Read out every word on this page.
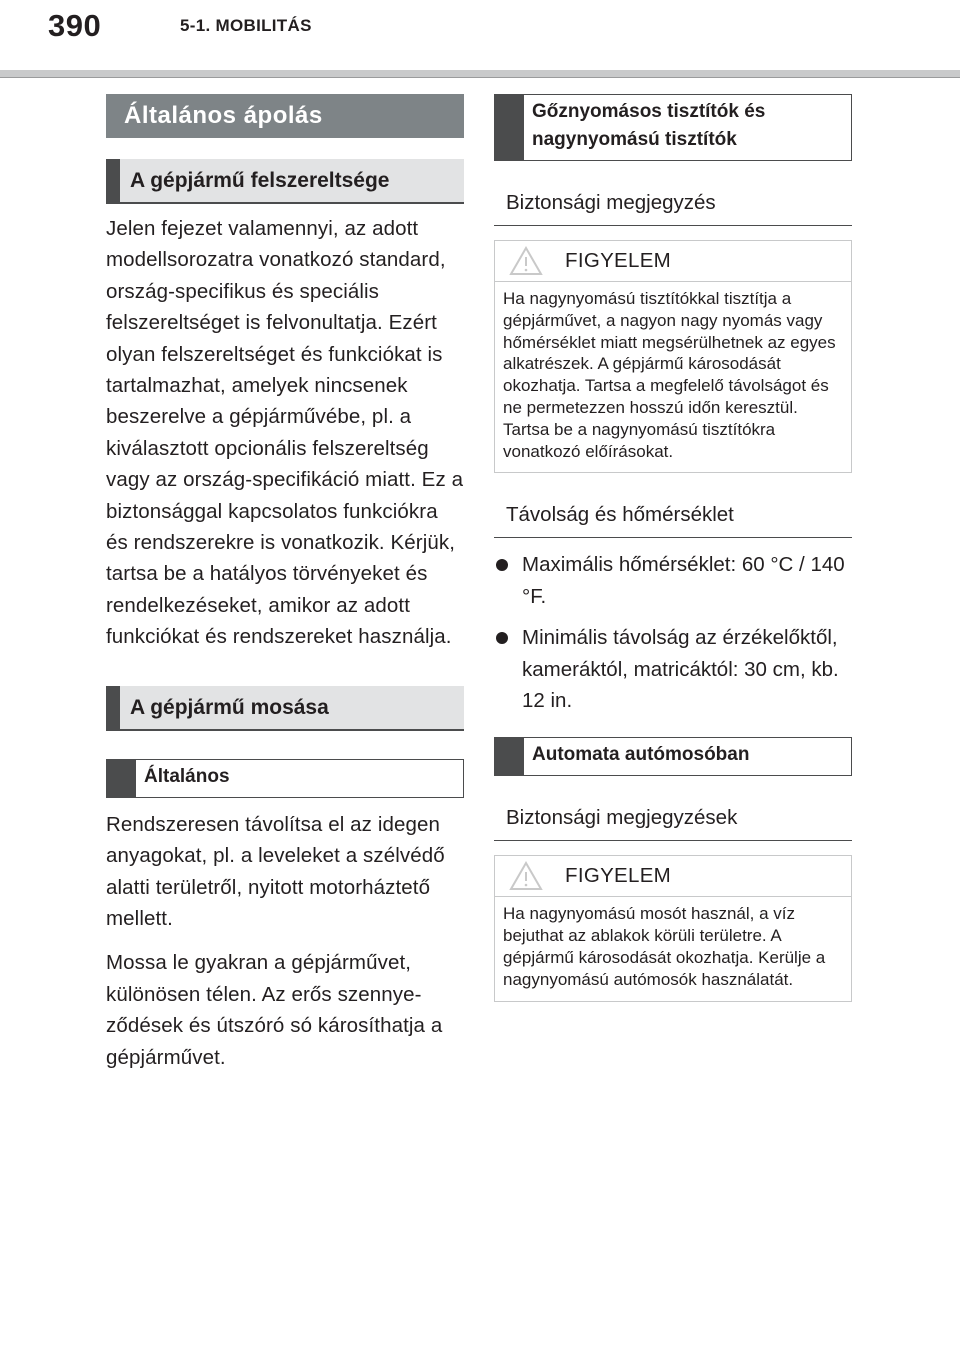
390	5-1. MOBILITÁS
Általános ápolás
A gépjármű felszereltsége

Jelen fejezet valamennyi, az adott modellsorozatra vonatkozó standard, ország-specifikus és speciális felszereltséget is felvonultatja. Ezért olyan felszereltséget és funkciókat is tartalmazhat, amelyek nincsenek beszerelve a gépjárművébe, pl. a kiválasztott opcionális felszereltség vagy az ország-specifikáció miatt. Ez a biztonsággal kapcsolatos funkciókra és rendszerekre is vonatkozik. Kérjük, tartsa be a hatályos törvényeket és rendelkezéseket, amikor az adott funkciókat és rendszereket használja.

A gépjármű mosása
Általános

Rendszeresen távolítsa el az idegen anyagokat, pl. a leveleket a szélvédő alatti területről, nyitott motorháztető mellett.

Mossa le gyakran a gépjárművet, különösen télen. Az erős szennyeződések és útszóró só károsíthatja a gépjárművet.

Gőznyomásos tisztítók és nagynyomású tisztítók
Biztonsági megjegyzés
FIGYELEM
Ha nagynyomású tisztítókkal tisztítja a gépjárművet, a nagyon nagy nyomás vagy hőmérséklet miatt megsérülhetnek az egyes alkatrészek. A gépjármű károsodását okozhatja. Tartsa a megfelelő távolságot és ne permetezzen hosszú időn keresztül. Tartsa be a nagynyomású tisztítókra vonatkozó előírásokat.
Távolság és hőmérséklet
Maximális hőmérséklet: 60 °C / 140 °F.
Minimális távolság az érzékelőktől, kameráktól, matricáktól: 30 cm, kb. 12 in.
Automata autómosóban
Biztonsági megjegyzések
FIGYELEM
Ha nagynyomású mosót használ, a víz bejuthat az ablakok körüli területre. A gépjármű károsodását okozhatja. Kerülje a nagynyomású autómosók használatát.
